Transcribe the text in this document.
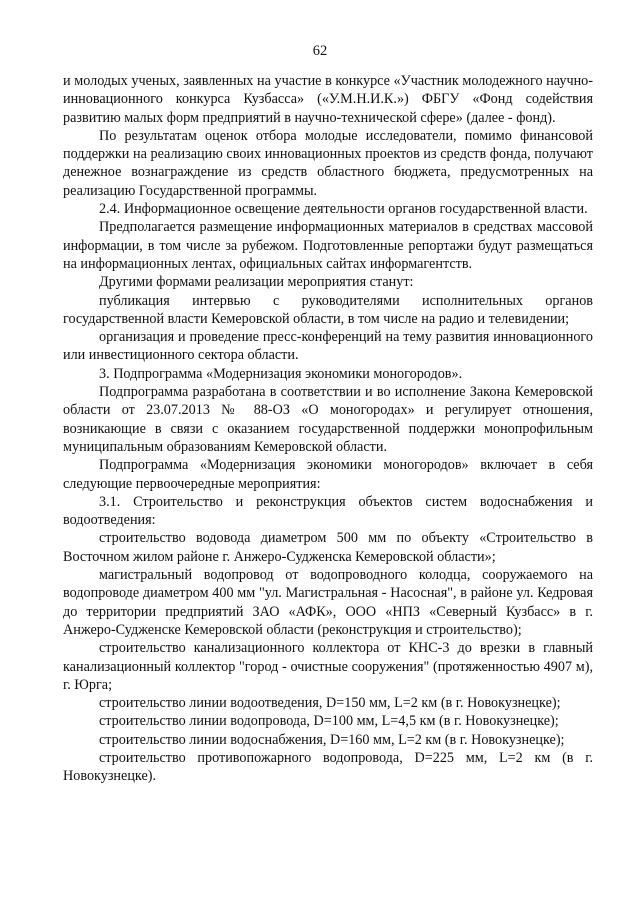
62

и молодых ученых, заявленных на участие в конкурсе «Участник молодежного научно-инновационного конкурса Кузбасса» («У.М.Н.И.К.») ФБГУ «Фонд содействия развитию малых форм предприятий в научно-технической сфере» (далее - фонд).

По результатам оценок отбора молодые исследователи, помимо финансовой поддержки на реализацию своих инновационных проектов из средств фонда, получают денежное вознаграждение из средств областного бюджета, предусмотренных на реализацию Государственной программы.

2.4. Информационное освещение деятельности органов государственной власти.

Предполагается размещение информационных материалов в средствах массовой информации, в том числе за рубежом. Подготовленные репортажи будут размещаться на информационных лентах, официальных сайтах информагентств.

Другими формами реализации мероприятия станут:

публикация интервью с руководителями исполнительных органов государственной власти Кемеровской области, в том числе на радио и телевидении;

организация и проведение пресс-конференций на тему развития инновационного или инвестиционного сектора области.

3. Подпрограмма «Модернизация экономики моногородов».

Подпрограмма разработана в соответствии и во исполнение Закона Кемеровской области от 23.07.2013 № 88-ОЗ «О моногородах» и регулирует отношения, возникающие в связи с оказанием государственной поддержки монопрофильным муниципальным образованиям Кемеровской области.

Подпрограмма «Модернизация экономики моногородов» включает в себя следующие первоочередные мероприятия:

3.1. Строительство и реконструкция объектов систем водоснабжения и водоотведения:

строительство водовода диаметром 500 мм по объекту «Строительство в Восточном жилом районе г. Анжеро-Судженска Кемеровской области»;

магистральный водопровод от водопроводного колодца, сооружаемого на водопроводе диаметром 400 мм "ул. Магистральная - Насосная", в районе ул. Кедровая до территории предприятий ЗАО «АФК», ООО «НПЗ «Северный Кузбасс» в г. Анжеро-Судженске Кемеровской области (реконструкция и строительство);

строительство канализационного коллектора от КНС-3 до врезки в главный канализационный коллектор "город - очистные сооружения" (протяженностью 4907 м), г. Юрга;

строительство линии водоотведения, D=150 мм, L=2 км (в г. Новокузнецке);

строительство линии водопровода, D=100 мм, L=4,5 км (в г. Новокузнецке);

строительство линии водоснабжения, D=160 мм, L=2 км (в г. Новокузнецке);

строительство противопожарного водопровода, D=225 мм, L=2 км (в г. Новокузнецке).
